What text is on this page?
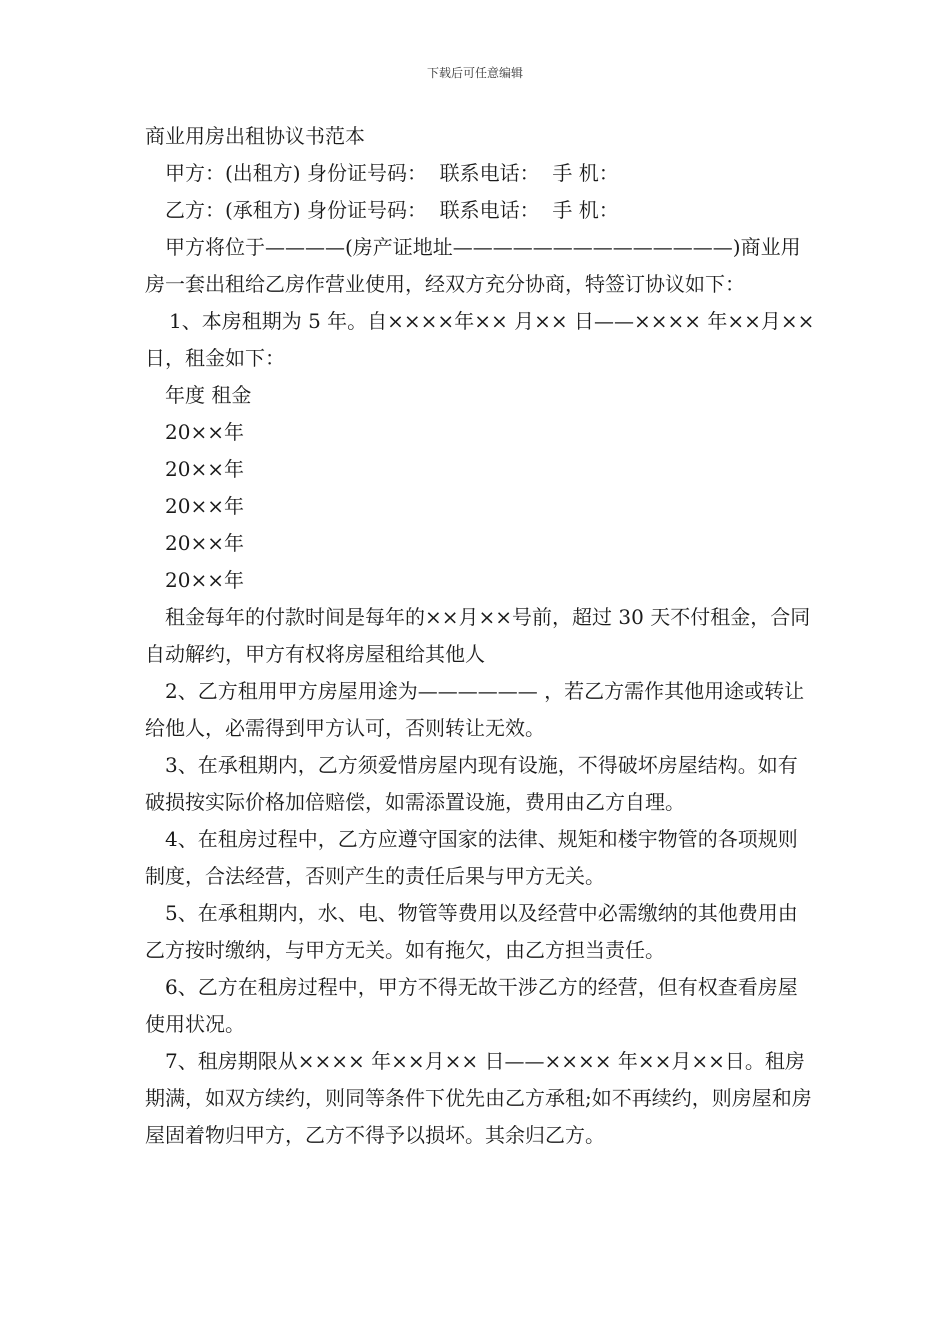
下载后可任意编辑

商业用房出租协议书范本

甲方：(出租方) 身份证号码：  联系电话：  手 机：

乙方：(承租方) 身份证号码：  联系电话：  手 机：

甲方将位于————(房产证地址——————————————)商业用房一套出租给乙房作营业使用，经双方充分协商，特签订协议如下：

1、本房租期为 5 年。自××××年×× 月×× 日——×××× 年××月××日，租金如下：

年度 租金

20××年

20××年

20××年

20××年

20××年

租金每年的付款时间是每年的××月××号前，超过 30 天不付租金，合同自动解约，甲方有权将房屋租给其他人

2、乙方租用甲方房屋用途为—————— ，若乙方需作其他用途或转让给他人，必需得到甲方认可，否则转让无效。

3、在承租期内，乙方须爱惜房屋内现有设施，不得破坏房屋结构。如有破损按实际价格加倍赔偿，如需添置设施，费用由乙方自理。

4、在租房过程中，乙方应遵守国家的法律、规矩和楼宇物管的各项规则制度，合法经营，否则产生的责任后果与甲方无关。

5、在承租期内，水、电、物管等费用以及经营中必需缴纳的其他费用由乙方按时缴纳，与甲方无关。如有拖欠，由乙方担当责任。

6、乙方在租房过程中，甲方不得无故干涉乙方的经营，但有权查看房屋使用状况。

7、租房期限从×××× 年××月×× 日——×××× 年××月××日。租房期满，如双方续约，则同等条件下优先由乙方承租;如不再续约，则房屋和房屋固着物归甲方，乙方不得予以损坏。其余归乙方。
